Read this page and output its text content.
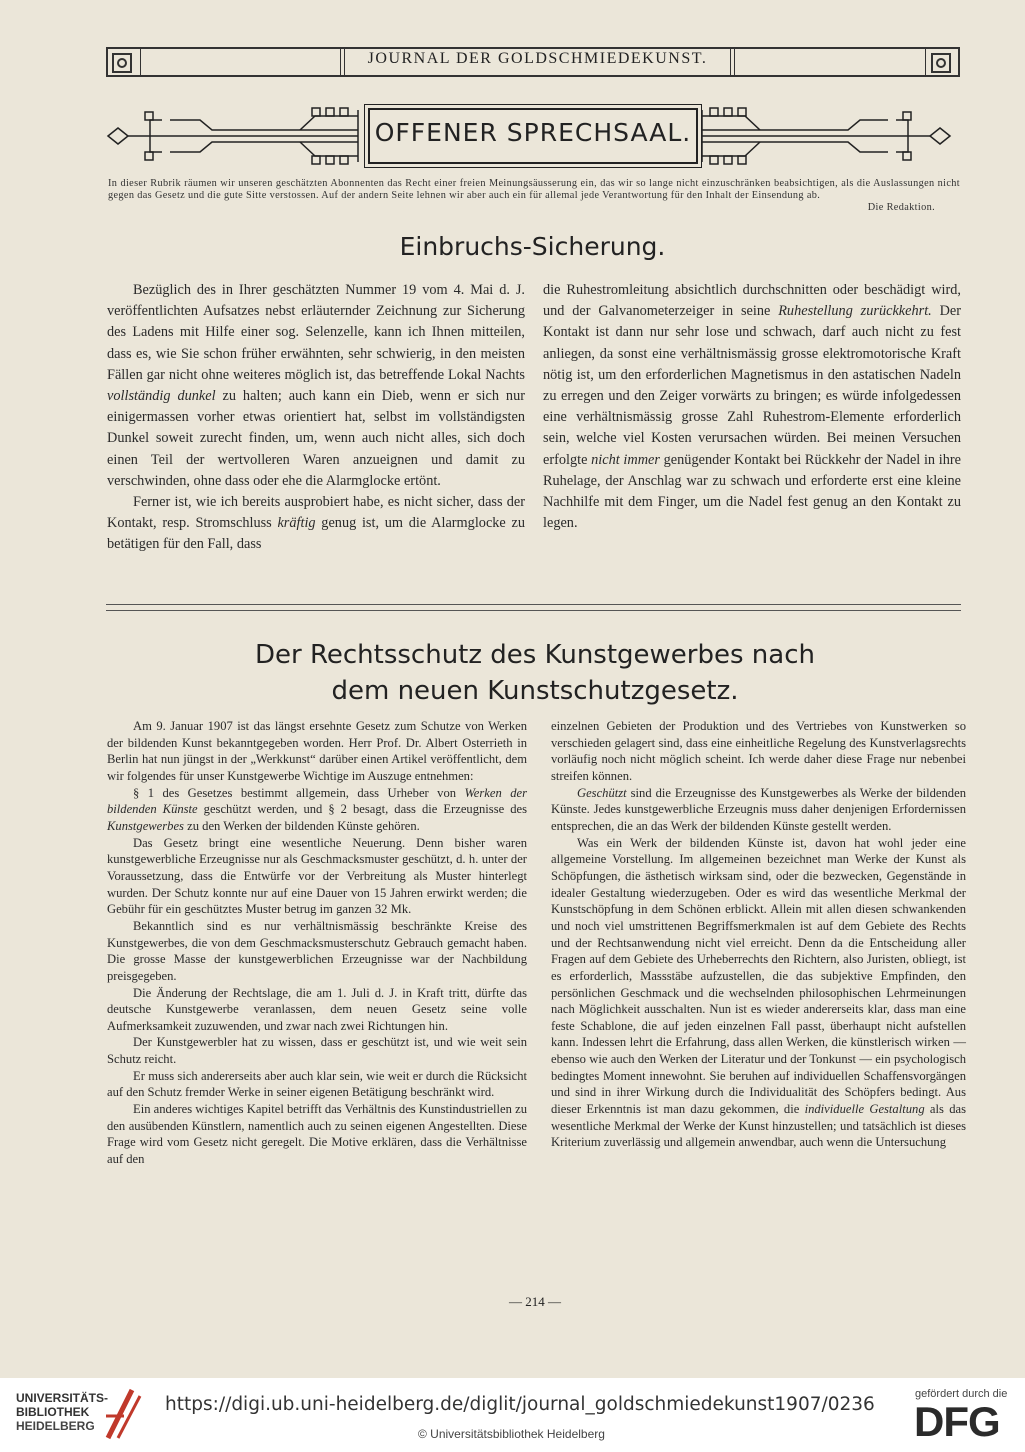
JOURNAL DER GOLDSCHMIEDEKUNST.
OFFENER SPRECHSAAL.
In dieser Rubrik räumen wir unseren geschätzten Abonnenten das Recht einer freien Meinungsäusserung ein, das wir so lange nicht einzuschränken beabsichtigen, als die Auslassungen nicht gegen das Gesetz und die gute Sitte verstossen. Auf der andern Seite lehnen wir aber auch ein für allemal jede Verantwortung für den Inhalt der Einsendung ab.
Die Redaktion.
Einbruchs-Sicherung.

Bezüglich des in Ihrer geschätzten Nummer 19 vom 4. Mai d. J. veröffentlichten Aufsatzes nebst erläuternder Zeichnung zur Sicherung des Ladens mit Hilfe einer sog. Selenzelle, kann ich Ihnen mitteilen, dass es, wie Sie schon früher erwähnten, sehr schwierig, in den meisten Fällen gar nicht ohne weiteres möglich ist, das betreffende Lokal Nachts vollständig dunkel zu halten; auch kann ein Dieb, wenn er sich nur einigermassen vorher etwas orientiert hat, selbst im vollständigsten Dunkel soweit zurecht finden, um, wenn auch nicht alles, sich doch einen Teil der wertvolleren Waren anzueignen und damit zu verschwinden, ohne dass oder ehe die Alarmglocke ertönt.

Ferner ist, wie ich bereits ausprobiert habe, es nicht sicher, dass der Kontakt, resp. Stromschluss kräftig genug ist, um die Alarmglocke zu betätigen für den Fall, dass

die Ruhestromleitung absichtlich durchschnitten oder beschädigt wird, und der Galvanometerzeiger in seine Ruhestellung zurückkehrt. Der Kontakt ist dann nur sehr lose und schwach, darf auch nicht zu fest anliegen, da sonst eine verhältnismässig grosse elektromotorische Kraft nötig ist, um den erforderlichen Magnetismus in den astatischen Nadeln zu erregen und den Zeiger vorwärts zu bringen; es würde infolgedessen eine verhältnismässig grosse Zahl Ruhestrom-Elemente erforderlich sein, welche viel Kosten verursachen würden. Bei meinen Versuchen erfolgte nicht immer genügender Kontakt bei Rückkehr der Nadel in ihre Ruhelage, der Anschlag war zu schwach und erforderte erst eine kleine Nachhilfe mit dem Finger, um die Nadel fest genug an den Kontakt zu legen.

Der Rechtsschutz des Kunstgewerbes nach
dem neuen Kunstschutzgesetz.

Am 9. Januar 1907 ist das längst ersehnte Gesetz zum Schutze von Werken der bildenden Kunst bekanntgegeben worden. Herr Prof. Dr. Albert Osterrieth in Berlin hat nun jüngst in der „Werkkunst“ darüber einen Artikel veröffentlicht, dem wir folgendes für unser Kunstgewerbe Wichtige im Auszuge entnehmen:

§ 1 des Gesetzes bestimmt allgemein, dass Urheber von Werken der bildenden Künste geschützt werden, und § 2 besagt, dass die Erzeugnisse des Kunstgewerbes zu den Werken der bildenden Künste gehören.

Das Gesetz bringt eine wesentliche Neuerung. Denn bisher waren kunstgewerbliche Erzeugnisse nur als Geschmacksmuster geschützt, d. h. unter der Voraussetzung, dass die Entwürfe vor der Verbreitung als Muster hinterlegt wurden. Der Schutz konnte nur auf eine Dauer von 15 Jahren erwirkt werden; die Gebühr für ein geschütztes Muster betrug im ganzen 32 Mk.

Bekanntlich sind es nur verhältnismässig beschränkte Kreise des Kunstgewerbes, die von dem Geschmacksmusterschutz Gebrauch gemacht haben. Die grosse Masse der kunstgewerblichen Erzeugnisse war der Nachbildung preisgegeben.

Die Änderung der Rechtslage, die am 1. Juli d. J. in Kraft tritt, dürfte das deutsche Kunstgewerbe veranlassen, dem neuen Gesetz seine volle Aufmerksamkeit zuzuwenden, und zwar nach zwei Richtungen hin.

Der Kunstgewerbler hat zu wissen, dass er geschützt ist, und wie weit sein Schutz reicht.

Er muss sich andererseits aber auch klar sein, wie weit er durch die Rücksicht auf den Schutz fremder Werke in seiner eigenen Betätigung beschränkt wird.

Ein anderes wichtiges Kapitel betrifft das Verhältnis des Kunstindustriellen zu den ausübenden Künstlern, namentlich auch zu seinen eigenen Angestellten. Diese Frage wird vom Gesetz nicht geregelt. Die Motive erklären, dass die Verhältnisse auf den

einzelnen Gebieten der Produktion und des Vertriebes von Kunstwerken so verschieden gelagert sind, dass eine einheitliche Regelung des Kunstverlagsrechts vorläufig noch nicht möglich scheint. Ich werde daher diese Frage nur nebenbei streifen können.

Geschützt sind die Erzeugnisse des Kunstgewerbes als Werke der bildenden Künste. Jedes kunstgewerbliche Erzeugnis muss daher denjenigen Erfordernissen entsprechen, die an das Werk der bildenden Künste gestellt werden.

Was ein Werk der bildenden Künste ist, davon hat wohl jeder eine allgemeine Vorstellung. Im allgemeinen bezeichnet man Werke der Kunst als Schöpfungen, die ästhetisch wirksam sind, oder die bezwecken, Gegenstände in idealer Gestaltung wiederzugeben. Oder es wird das wesentliche Merkmal der Kunstschöpfung in dem Schönen erblickt. Allein mit allen diesen schwankenden und noch viel umstrittenen Begriffsmerkmalen ist auf dem Gebiete des Rechts und der Rechtsanwendung nicht viel erreicht. Denn da die Entscheidung aller Fragen auf dem Gebiete des Urheberrechts den Richtern, also Juristen, obliegt, ist es erforderlich, Massstäbe aufzustellen, die das subjektive Empfinden, den persönlichen Geschmack und die wechselnden philosophischen Lehrmeinungen nach Möglichkeit ausschalten. Nun ist es wieder andererseits klar, dass man eine feste Schablone, die auf jeden einzelnen Fall passt, überhaupt nicht aufstellen kann. Indessen lehrt die Erfahrung, dass allen Werken, die künstlerisch wirken — ebenso wie auch den Werken der Literatur und der Tonkunst — ein psychologisch bedingtes Moment innewohnt. Sie beruhen auf individuellen Schaffensvorgängen und sind in ihrer Wirkung durch die Individualität des Schöpfers bedingt. Aus dieser Erkenntnis ist man dazu gekommen, die individuelle Gestaltung als das wesentliche Merkmal der Werke der Kunst hinzustellen; und tatsächlich ist dieses Kriterium zuverlässig und allgemein anwendbar, auch wenn die Untersuchung

— 214 —
UNIVERSITÄTS-
BIBLIOTHEK
HEIDELBERG
https://digi.ub.uni-heidelberg.de/diglit/journal_goldschmiedekunst1907/0236
© Universitätsbibliothek Heidelberg
gefördert durch die
DFG
